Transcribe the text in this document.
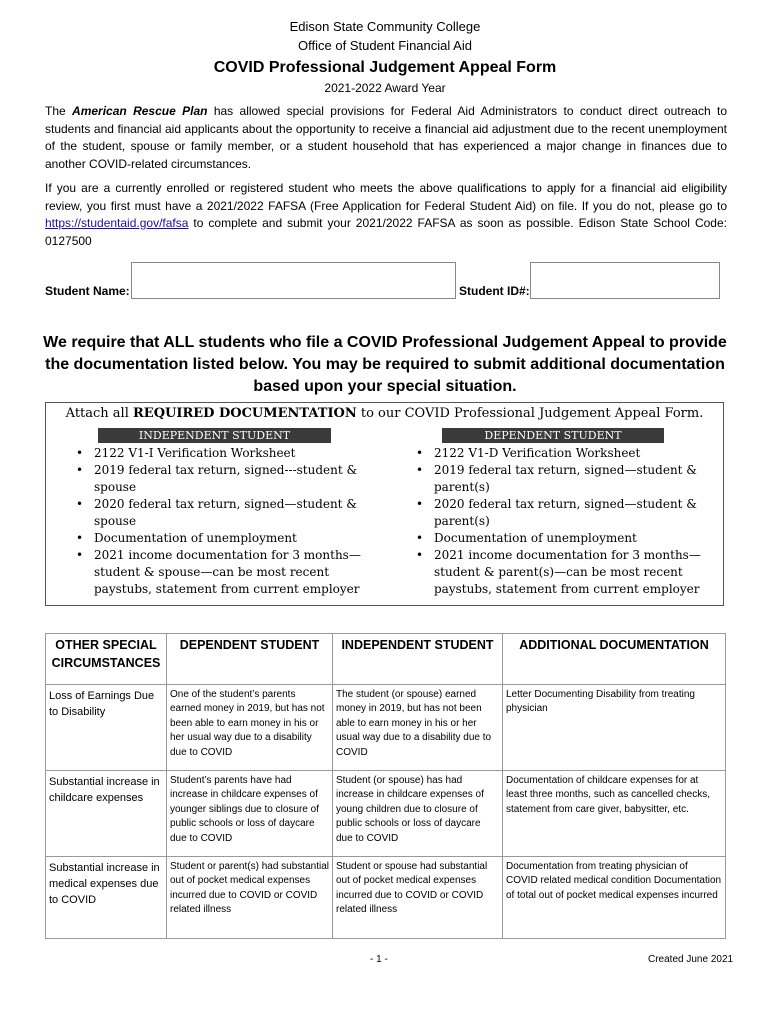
Edison State Community College
Office of Student Financial Aid
COVID Professional Judgement Appeal Form
2021-2022 Award Year
The American Rescue Plan has allowed special provisions for Federal Aid Administrators to conduct direct outreach to students and financial aid applicants about the opportunity to receive a financial aid adjustment due to the recent unemployment of the student, spouse or family member, or a student household that has experienced a major change in finances due to another COVID-related circumstances.
If you are a currently enrolled or registered student who meets the above qualifications to apply for a financial aid eligibility review, you first must have a 2021/2022 FAFSA (Free Application for Federal Student Aid) on file. If you do not, please go to https://studentaid.gov/fafsa to complete and submit your 2021/2022 FAFSA as soon as possible. Edison State School Code: 0127500
Student Name:	Student ID#:
We require that ALL students who file a COVID Professional Judgement Appeal to provide the documentation listed below. You may be required to submit additional documentation based upon your special situation.
Attach all REQUIRED DOCUMENTATION to our COVID Professional Judgement Appeal Form.
INDEPENDENT STUDENT	DEPENDENT STUDENT
• 2122 V1-I Verification Worksheet
• 2019 federal tax return, signed---student & spouse
• 2020 federal tax return, signed—student & spouse
• Documentation of unemployment
• 2021 income documentation for 3 months—student & spouse—can be most recent paystubs, statement from current employer
• 2122 V1-D Verification Worksheet
• 2019 federal tax return, signed—student & parent(s)
• 2020 federal tax return, signed—student & parent(s)
• Documentation of unemployment
• 2021 income documentation for 3 months—student & parent(s)—can be most recent paystubs, statement from current employer
OTHER SPECIAL CIRCUMSTANCES	DEPENDENT STUDENT	INDEPENDENT STUDENT	ADDITIONAL DOCUMENTATION
Loss of Earnings Due to Disability	One of the student’s parents earned money in 2019, but has not been able to earn money in his or her usual way due to a disability due to COVID	The student (or spouse) earned money in 2019, but has not been able to earn money in his or her usual way due to a disability due to COVID	Letter Documenting Disability from treating physician
Substantial increase in childcare expenses	Student’s parents have had increase in childcare expenses of younger siblings due to closure of public schools or loss of daycare due to COVID	Student (or spouse) has had increase in childcare expenses of young children due to closure of public schools or loss of daycare due to COVID	Documentation of childcare expenses for at least three months, such as cancelled checks, statement from care giver, babysitter, etc.
Substantial increase in medical expenses due to COVID	Student or parent(s) had substantial out of pocket medical expenses incurred due to COVID or COVID related illness	Student or spouse had substantial out of pocket medical expenses incurred due to COVID or COVID related illness	Documentation from treating physician of COVID related medical condition Documentation of total out of pocket medical expenses incurred
- 1 -	Created June 2021
